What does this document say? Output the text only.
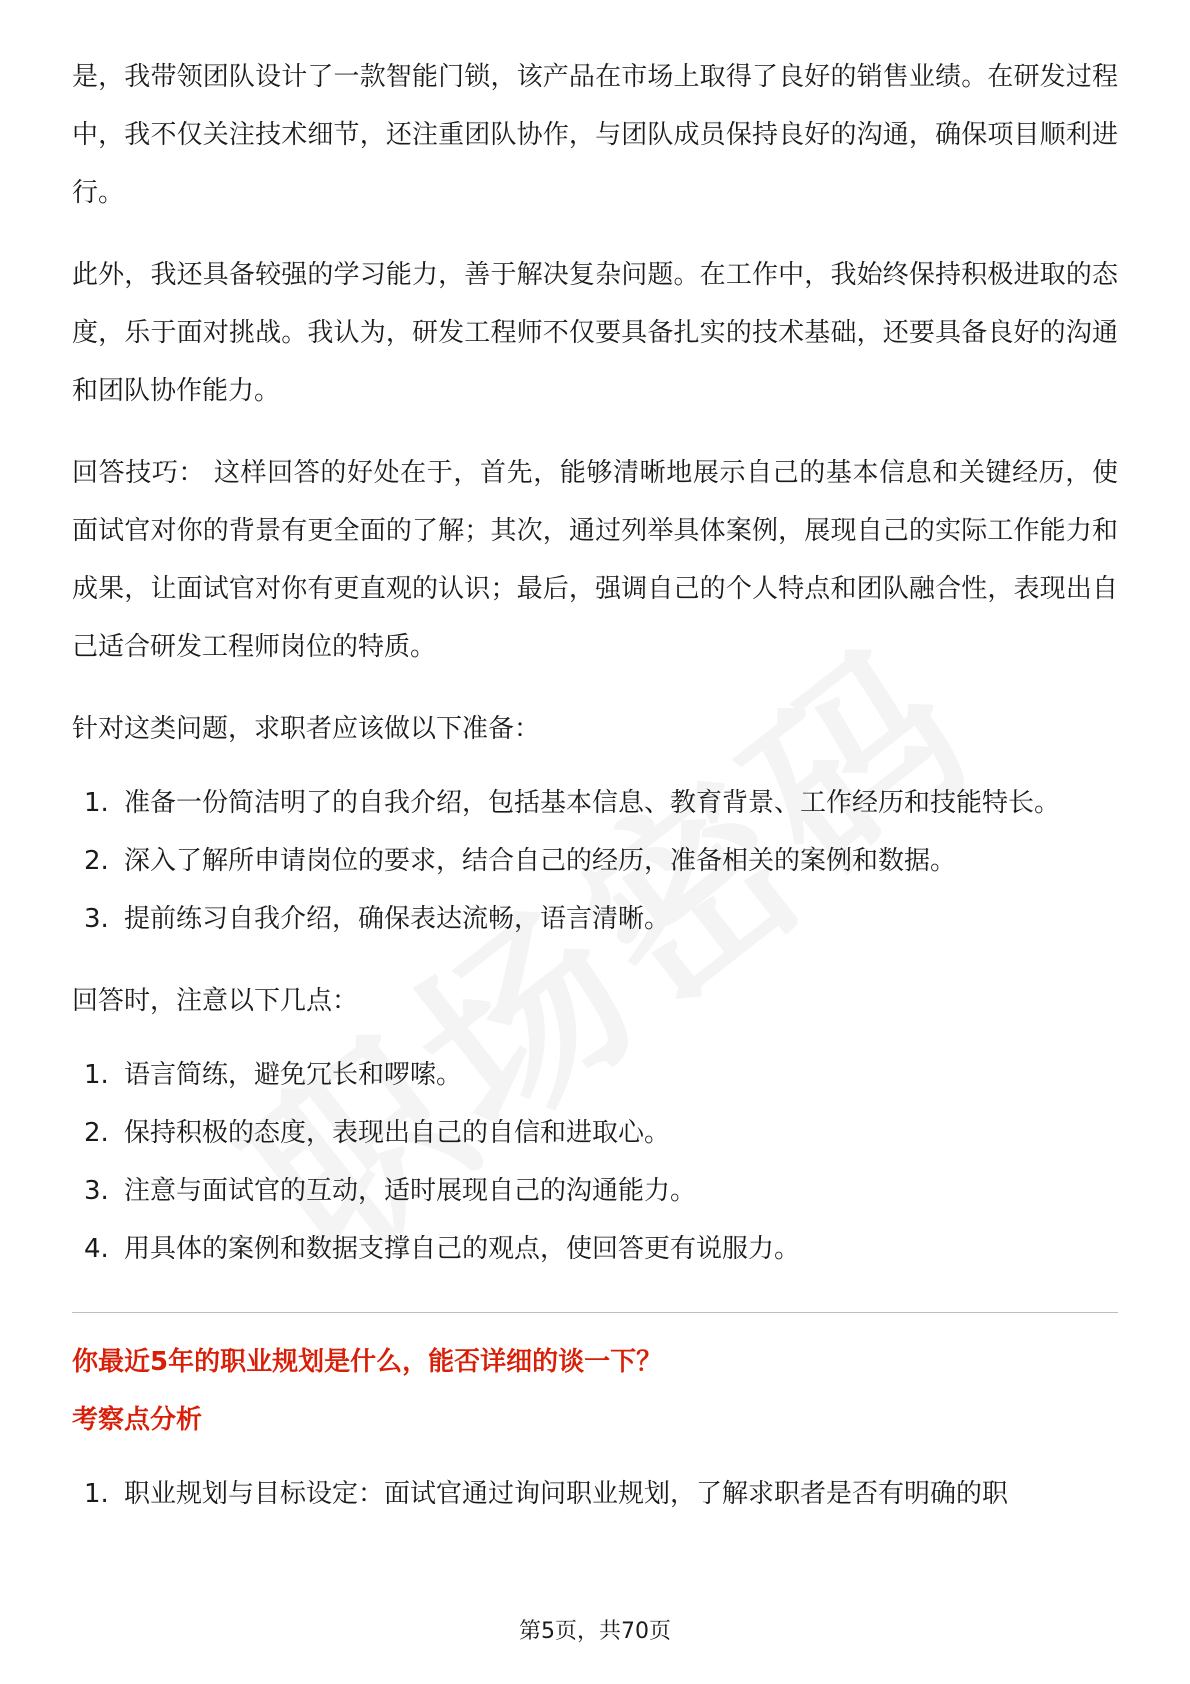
是，我带领团队设计了一款智能门锁，该产品在市场上取得了良好的销售业绩。在研发过程中，我不仅关注技术细节，还注重团队协作，与团队成员保持良好的沟通，确保项目顺利进行。

此外，我还具备较强的学习能力，善于解决复杂问题。在工作中，我始终保持积极进取的态度，乐于面对挑战。我认为，研发工程师不仅要具备扎实的技术基础，还要具备良好的沟通和团队协作能力。

回答技巧： 这样回答的好处在于，首先，能够清晰地展示自己的基本信息和关键经历，使面试官对你的背景有更全面的了解；其次，通过列举具体案例，展现自己的实际工作能力和成果，让面试官对你有更直观的认识；最后，强调自己的个人特点和团队融合性，表现出自己适合研发工程师岗位的特质。

针对这类问题，求职者应该做以下准备：

1. 准备一份简洁明了的自我介绍，包括基本信息、教育背景、工作经历和技能特长。
2. 深入了解所申请岗位的要求，结合自己的经历，准备相关的案例和数据。
3. 提前练习自我介绍，确保表达流畅，语言清晰。

回答时，注意以下几点：

1. 语言简练，避免冗长和啰嗦。
2. 保持积极的态度，表现出自己的自信和进取心。
3. 注意与面试官的互动，适时展现自己的沟通能力。
4. 用具体的案例和数据支撑自己的观点，使回答更有说服力。

你最近5年的职业规划是什么，能否详细的谈一下？

考察点分析

1. 职业规划与目标设定：面试官通过询问职业规划，了解求职者是否有明确的职
第5页，共70页
